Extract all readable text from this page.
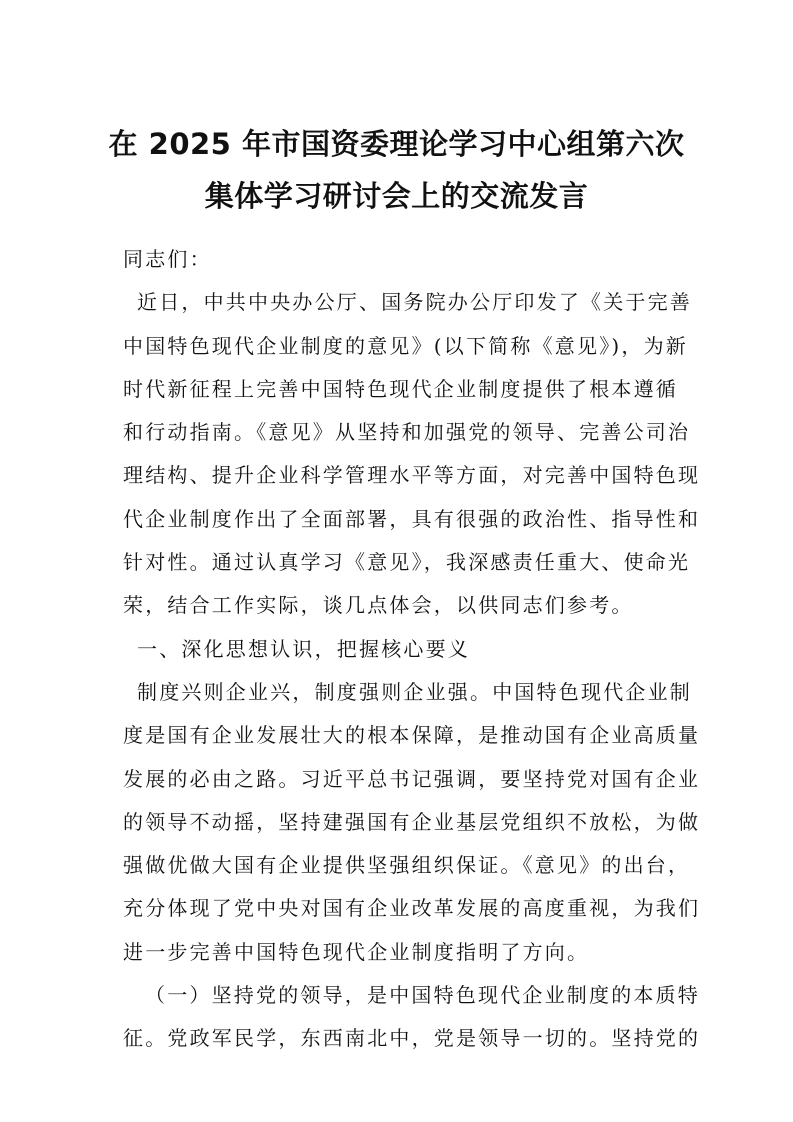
在 2025 年市国资委理论学习中心组第六次
集体学习研讨会上的交流发言
同志们：
近日，中共中央办公厅、国务院办公厅印发了《关于完善
中国特色现代企业制度的意见》(以下简称《意见》)，为新
时代新征程上完善中国特色现代企业制度提供了根本遵循
和行动指南。《意见》从坚持和加强党的领导、完善公司治
理结构、提升企业科学管理水平等方面，对完善中国特色现
代企业制度作出了全面部署，具有很强的政治性、指导性和
针对性。通过认真学习《意见》，我深感责任重大、使命光
荣，结合工作实际，谈几点体会，以供同志们参考。
一、深化思想认识，把握核心要义
制度兴则企业兴，制度强则企业强。中国特色现代企业制
度是国有企业发展壮大的根本保障，是推动国有企业高质量
发展的必由之路。习近平总书记强调，要坚持党对国有企业
的领导不动摇，坚持建强国有企业基层党组织不放松，为做
强做优做大国有企业提供坚强组织保证。《意见》的出台，
充分体现了党中央对国有企业改革发展的高度重视，为我们
进一步完善中国特色现代企业制度指明了方向。
（一）坚持党的领导，是中国特色现代企业制度的本质特
征。党政军民学，东西南北中，党是领导一切的。坚持党的
